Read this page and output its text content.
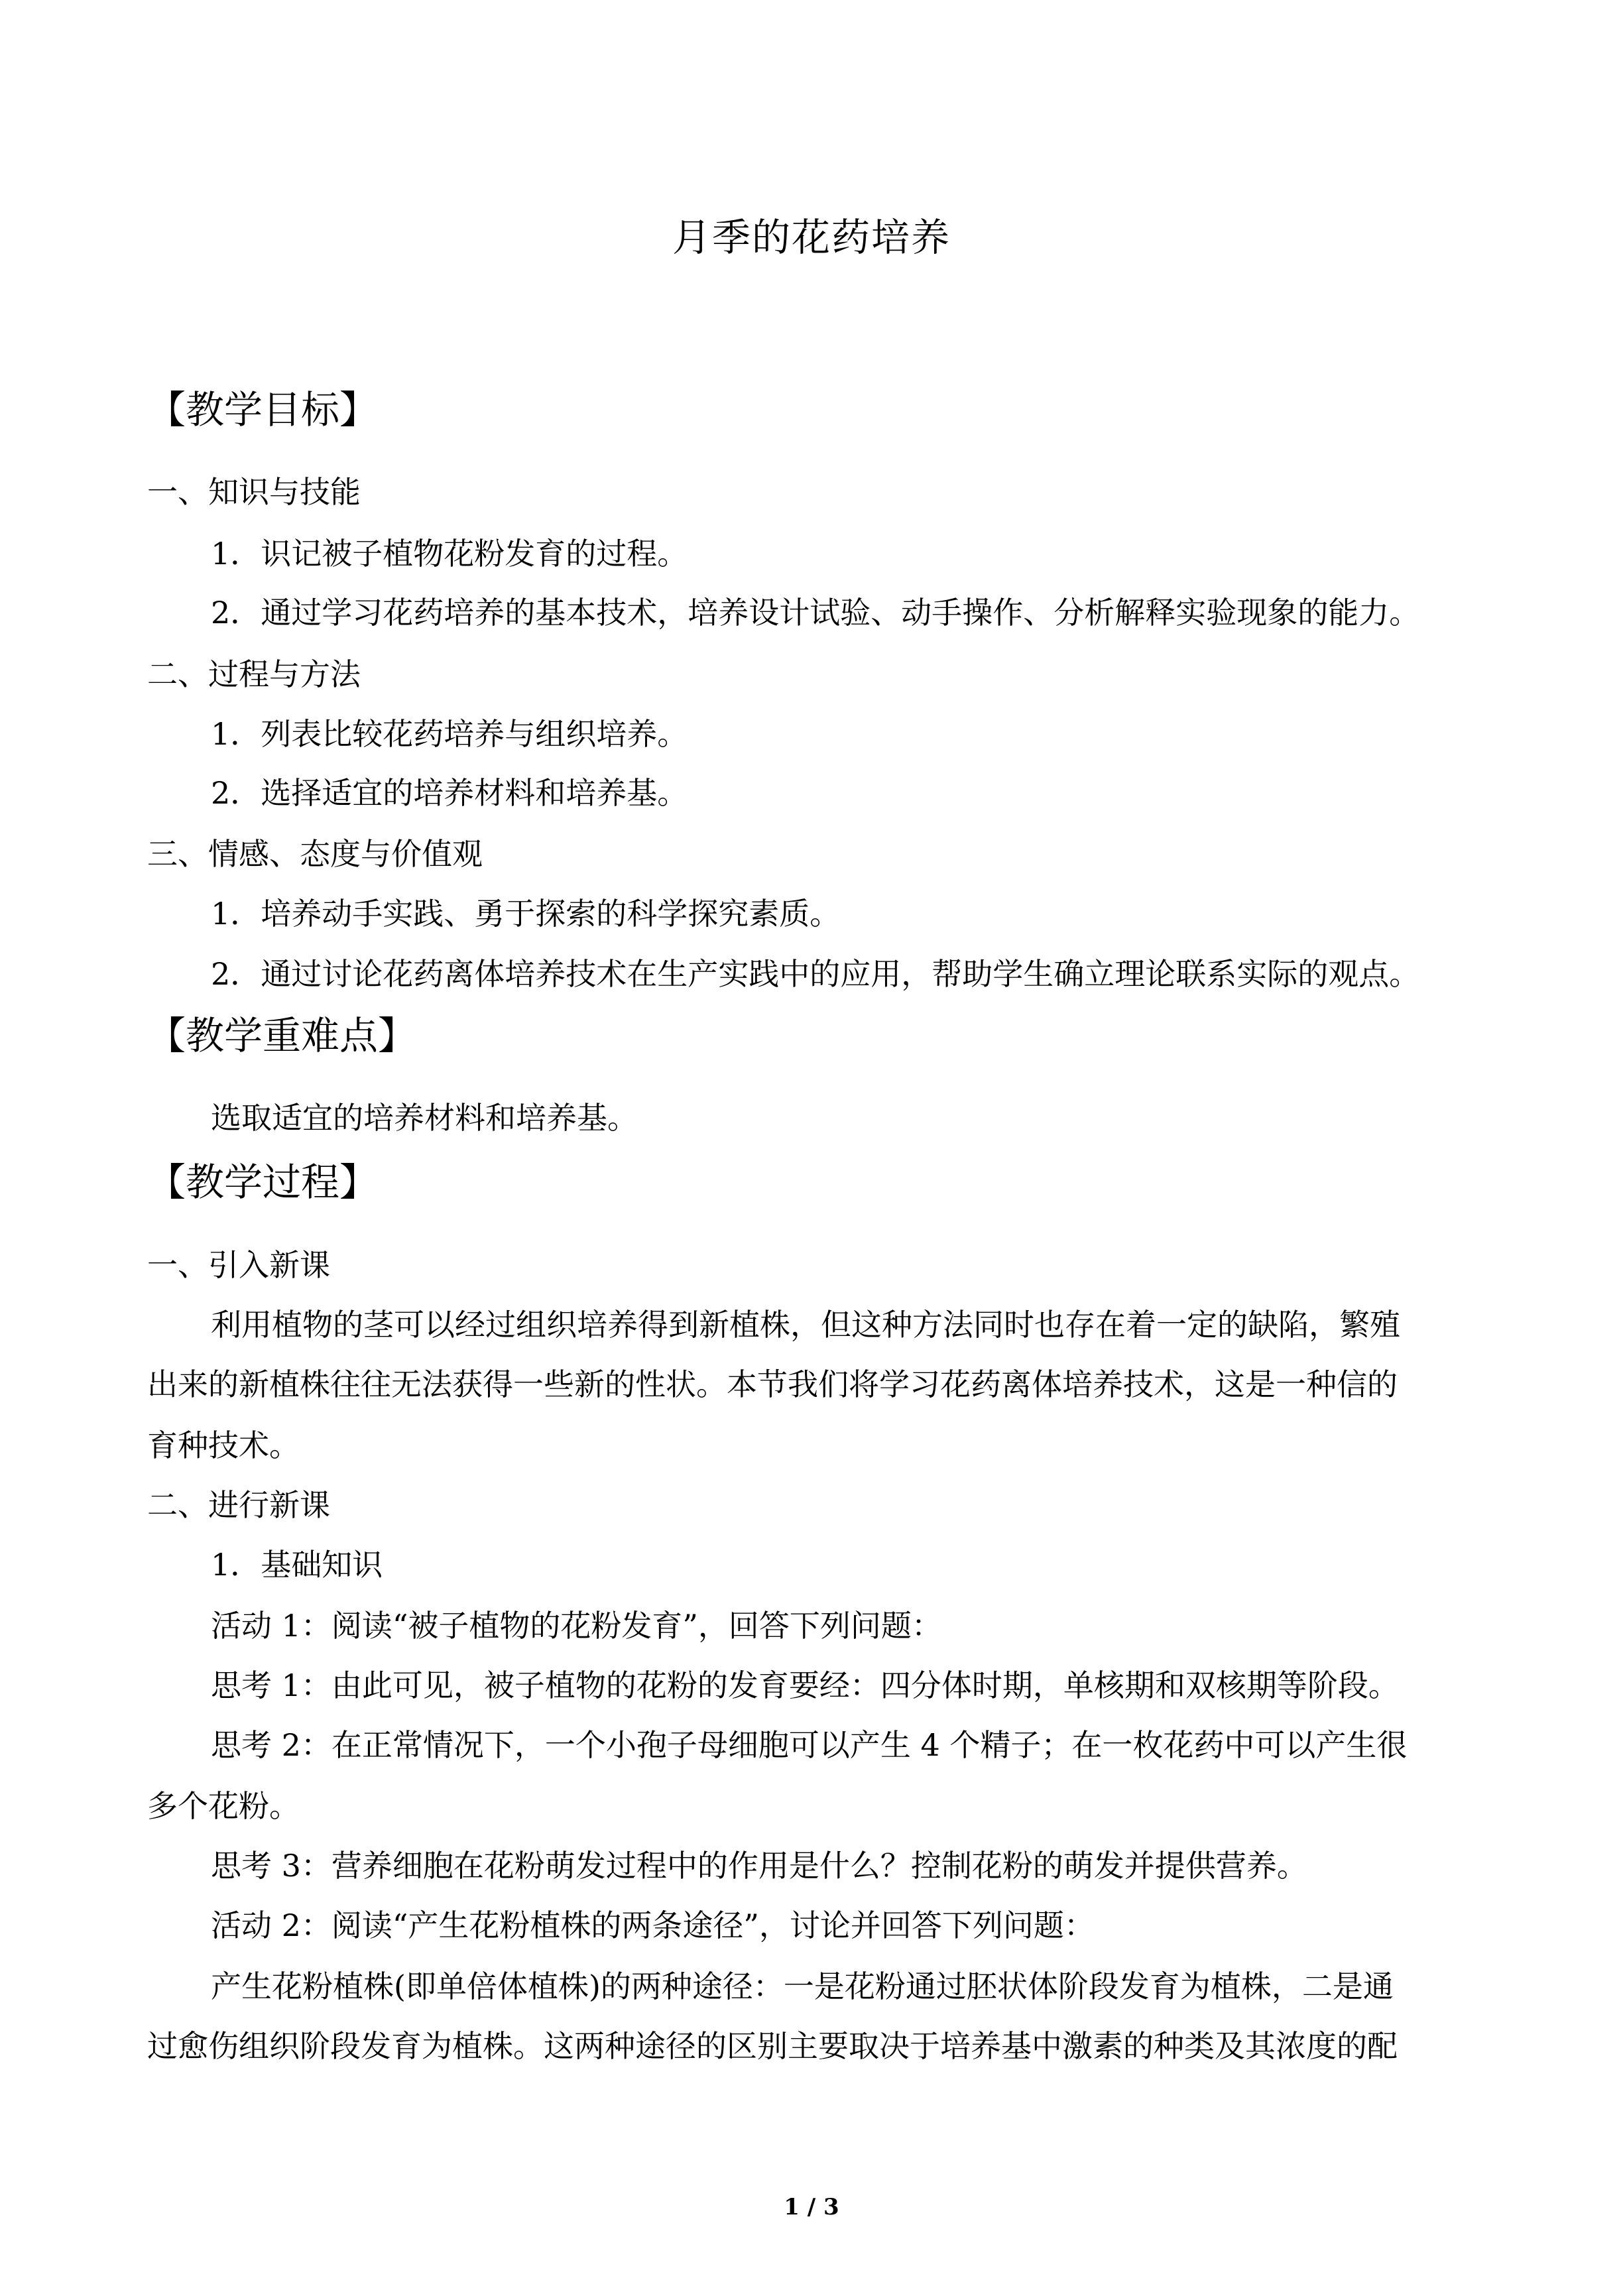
月季的花药培养
【教学目标】
一、知识与技能
1．识记被子植物花粉发育的过程。
2．通过学习花药培养的基本技术，培养设计试验、动手操作、分析解释实验现象的能力。
二、过程与方法
1．列表比较花药培养与组织培养。
2．选择适宜的培养材料和培养基。
三、情感、态度与价值观
1．培养动手实践、勇于探索的科学探究素质。
2．通过讨论花药离体培养技术在生产实践中的应用，帮助学生确立理论联系实际的观点。
【教学重难点】
选取适宜的培养材料和培养基。
【教学过程】
一、引入新课
利用植物的茎可以经过组织培养得到新植株，但这种方法同时也存在着一定的缺陷，繁殖
出来的新植株往往无法获得一些新的性状。本节我们将学习花药离体培养技术，这是一种信的
育种技术。
二、进行新课
1．基础知识
活动 1：阅读“被子植物的花粉发育”，回答下列问题：
思考 1：由此可见，被子植物的花粉的发育要经：四分体时期，单核期和双核期等阶段。
思考 2：在正常情况下，一个小孢子母细胞可以产生 4 个精子；在一枚花药中可以产生很
多个花粉。
思考 3：营养细胞在花粉萌发过程中的作用是什么？控制花粉的萌发并提供营养。
活动 2：阅读“产生花粉植株的两条途径”，讨论并回答下列问题：
产生花粉植株(即单倍体植株)的两种途径：一是花粉通过胚状体阶段发育为植株，二是通
过愈伤组织阶段发育为植株。这两种途径的区别主要取决于培养基中激素的种类及其浓度的配
1 / 3
